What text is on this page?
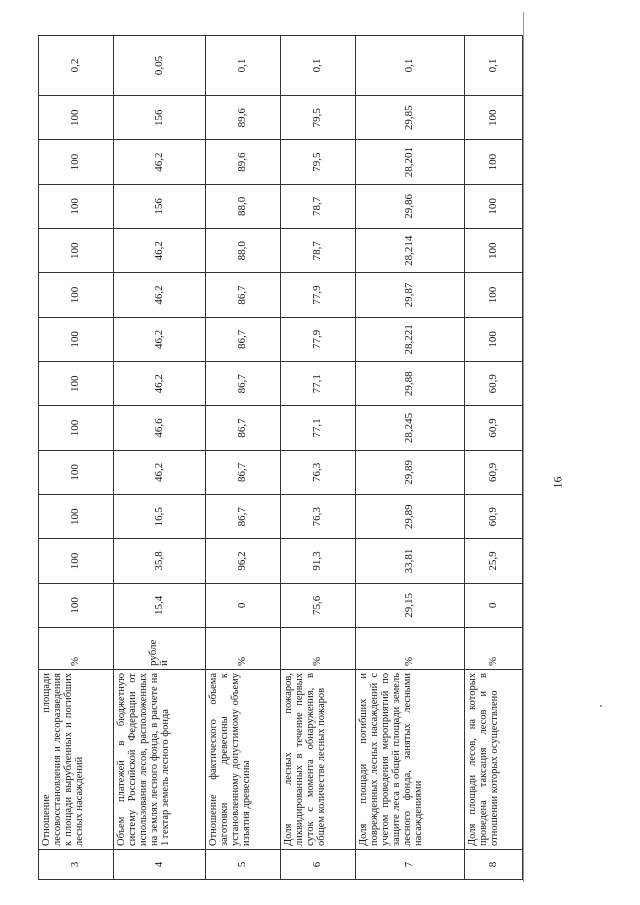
3	Отношение площади лесовосстановления и лесоразведения к площади вырубленных и погибших лесных насаждений	%	100	100	100	100	100	100	100	100	100	100	100	100	0,2
4	Объем платежей в бюджетную систему Российской Федерации от использования лесов, расположенных на землях лесного фонда, в расчете на 1 гектар земель лесного фонда	рубле й	15,4	35,8	16,5	46,2	46,6	46,2	46,2	46,2	46,2	156	46,2	156	0,05
5	Отношение фактического объема заготовки древесины к установленному допустимому объему изъятия древесины	%	0	96,2	86,7	86,7	86,7	86,7	86,7	86,7	88,0	88,0	89,6	89,6	0,1
6	Доля лесных пожаров, ликвидированных в течение первых суток с момента обнаружения, в общем количестве лесных пожаров	%	75,6	91,3	76,3	76,3	77,1	77,1	77,9	77,9	78,7	78,7	79,5	79,5	0,1
7	Доля площади погибших и поврежденных лесных насаждений с учетом проведения мероприятий по защите леса в общей площади земель лесного фонда, занятых лесными насаждениями	%	29,15	33,81	29,89	29,89	28,245	29,88	28,221	29,87	28,214	29,86	28,201	29,85	0,1
8	Доля площади лесов, на которых проведена таксация лесов и в отношении которых осуществлено	%	0	25,9	60,9	60,9	60,9	60,9	100	100	100	100	100	100	0,1
16
